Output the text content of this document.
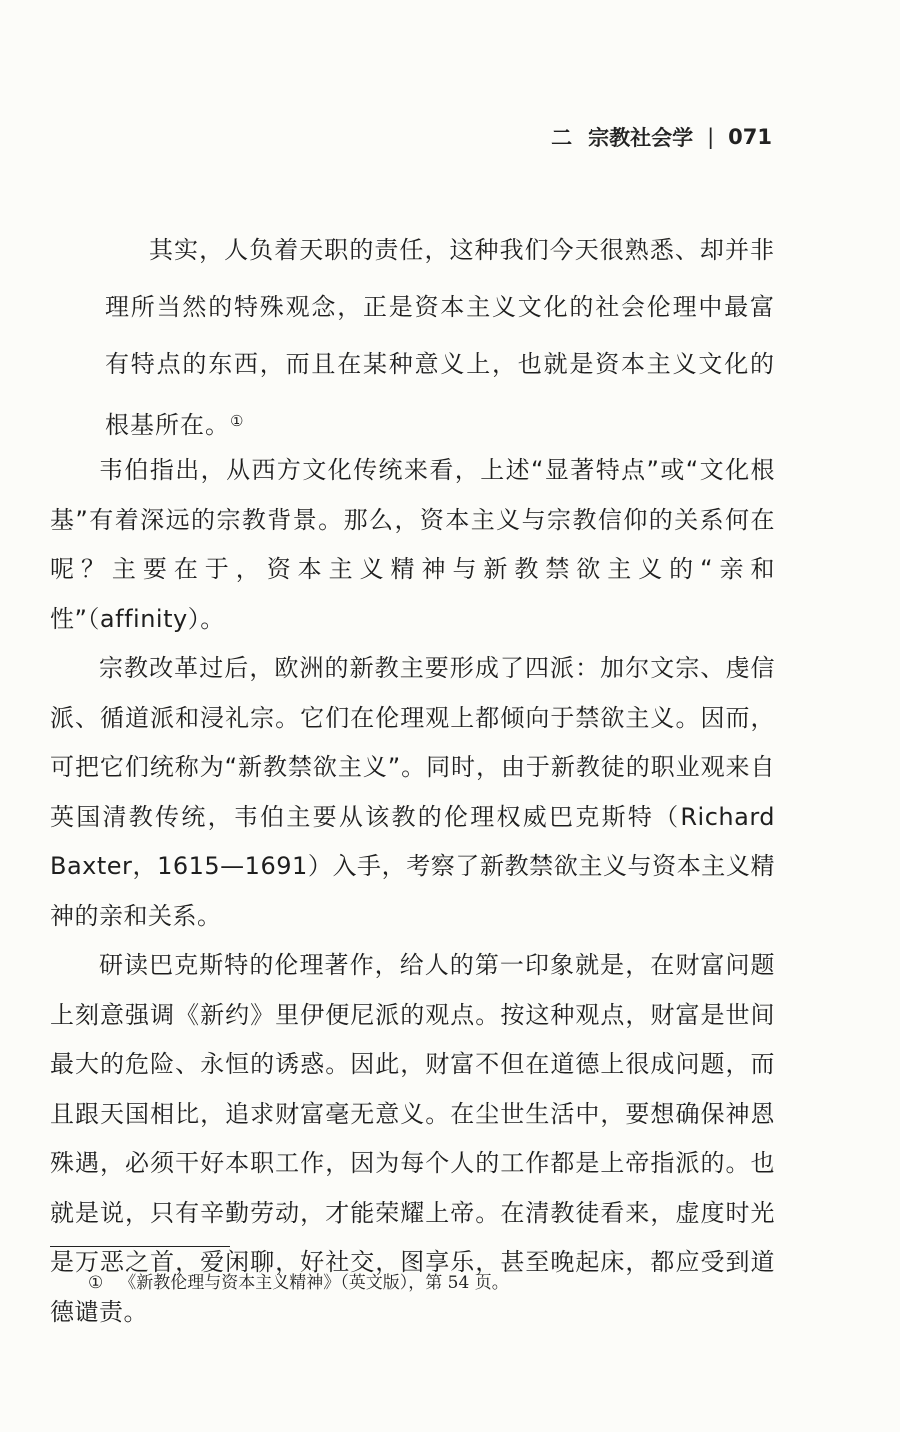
二 宗教社会学 | 071

其实，人负着天职的责任，这种我们今天很熟悉、却并非理所当然的特殊观念，正是资本主义文化的社会伦理中最富有特点的东西，而且在某种意义上，也就是资本主义文化的根基所在。①

韦伯指出，从西方文化传统来看，上述“显著特点”或“文化根基”有着深远的宗教背景。那么，资本主义与宗教信仰的关系何在呢？主要在于，资本主义精神与新教禁欲主义的“亲和性”（affinity）。

宗教改革过后，欧洲的新教主要形成了四派：加尔文宗、虔信派、循道派和浸礼宗。它们在伦理观上都倾向于禁欲主义。因而，可把它们统称为“新教禁欲主义”。同时，由于新教徒的职业观来自英国清教传统，韦伯主要从该教的伦理权威巴克斯特（Richard Baxter，1615—1691）入手，考察了新教禁欲主义与资本主义精神的亲和关系。

研读巴克斯特的伦理著作，给人的第一印象就是，在财富问题上刻意强调《新约》里伊便尼派的观点。按这种观点，财富是世间最大的危险、永恒的诱惑。因此，财富不但在道德上很成问题，而且跟天国相比，追求财富毫无意义。在尘世生活中，要想确保神恩殊遇，必须干好本职工作，因为每个人的工作都是上帝指派的。也就是说，只有辛勤劳动，才能荣耀上帝。在清教徒看来，虚度时光是万恶之首，爱闲聊，好社交，图享乐，甚至晚起床，都应受到道德谴责。

① 《新教伦理与资本主义精神》（英文版），第 54 页。
